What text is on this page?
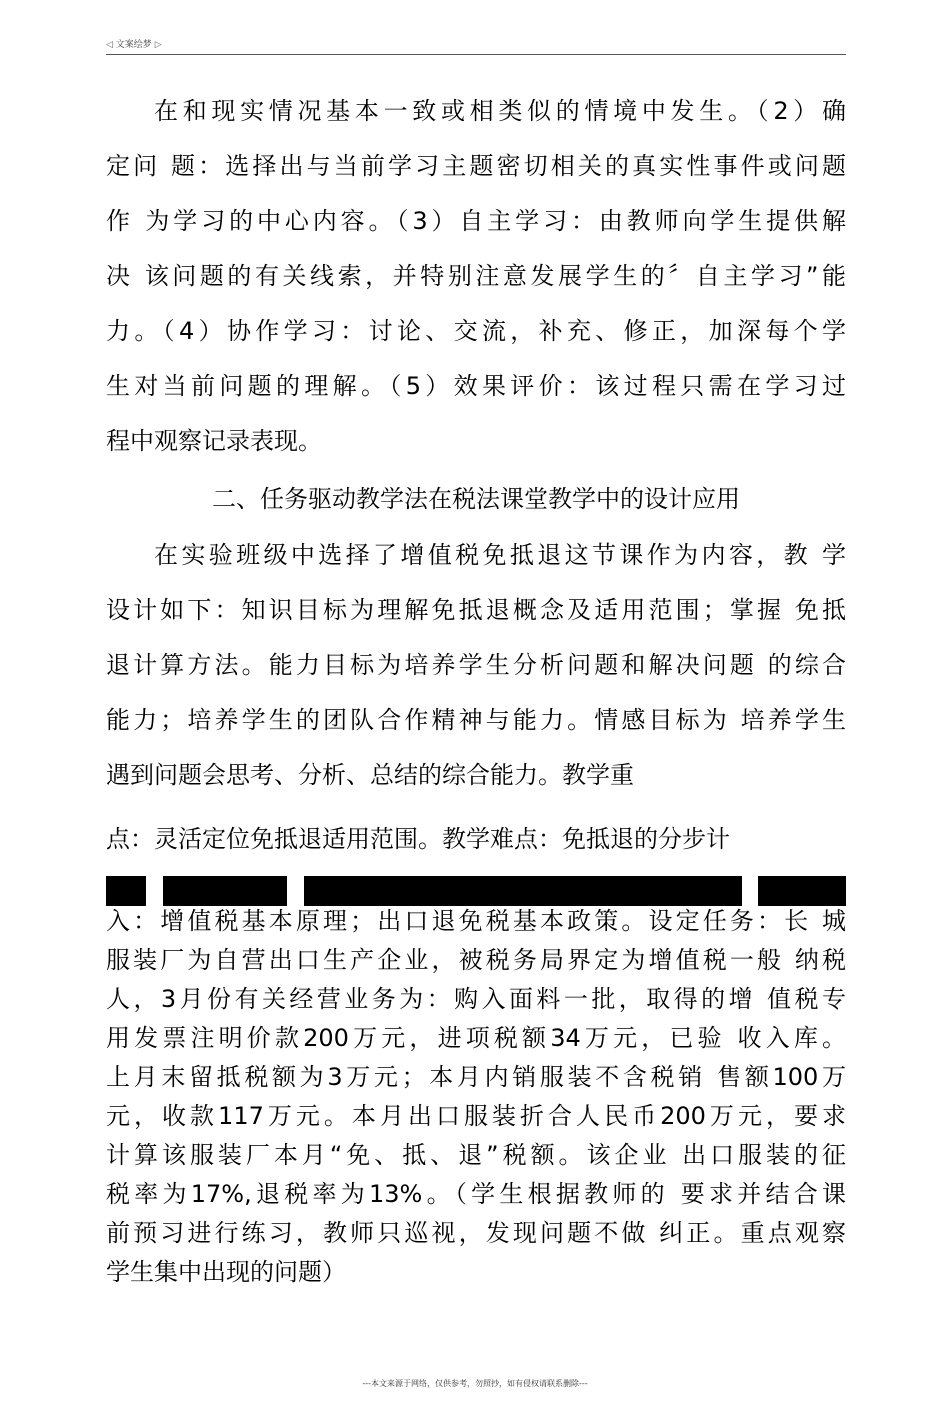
◁ 文案绘梦 ▷
在和现实情况基本一致或相类似的情境中发生。（2）确
定问 题：选择出与当前学习主题密切相关的真实性事件或问题
作 为学习的中心内容。（3）自主学习：由教师向学生提供解
决 该问题的有关线索，并特别注意发展学生的〞自主学习”能
力。（4）协作学习：讨论、交流，补充、修正，加深每个学
生对当前问题的理解。（5）效果评价：该过程只需在学习过
程中观察记录表现。

二、任务驱动教学法在税法课堂教学中的设计应用

在实验班级中选择了增值税免抵退这节课作为内容，教 学
设计如下：知识目标为理解免抵退概念及适用范围；掌握 免抵
退计算方法。能力目标为培养学生分析问题和解决问题 的综合
能力；培养学生的团队合作精神与能力。情感目标为 培养学生
遇到问题会思考、分析、总结的综合能力。教学重

点：灵活定位免抵退适用范围。教学难点：免抵退的分步计

入：增值税基本原理；出口退免税基本政策。设定任务：长 城
服装厂为自营出口生产企业，被税务局界定为增值税一般 纳税
人，3月份有关经营业务为：购入面料一批，取得的增 值税专
用发票注明价款200万元，进项税额34万元，已验 收入库。
上月末留抵税额为3万元；本月内销服装不含税销 售额100万
元，收款117万元。本月出口服装折合人民币200万元，要求
计算该服装厂本月“免、抵、退”税额。该企业 出口服装的征
税率为17%,退税率为13%。（学生根据教师的 要求并结合课
前预习进行练习，教师只巡视，发现问题不做 纠正。重点观察
学生集中出现的问题）
---本文来源于网络，仅供参考，勿照抄，如有侵权请联系删除---
